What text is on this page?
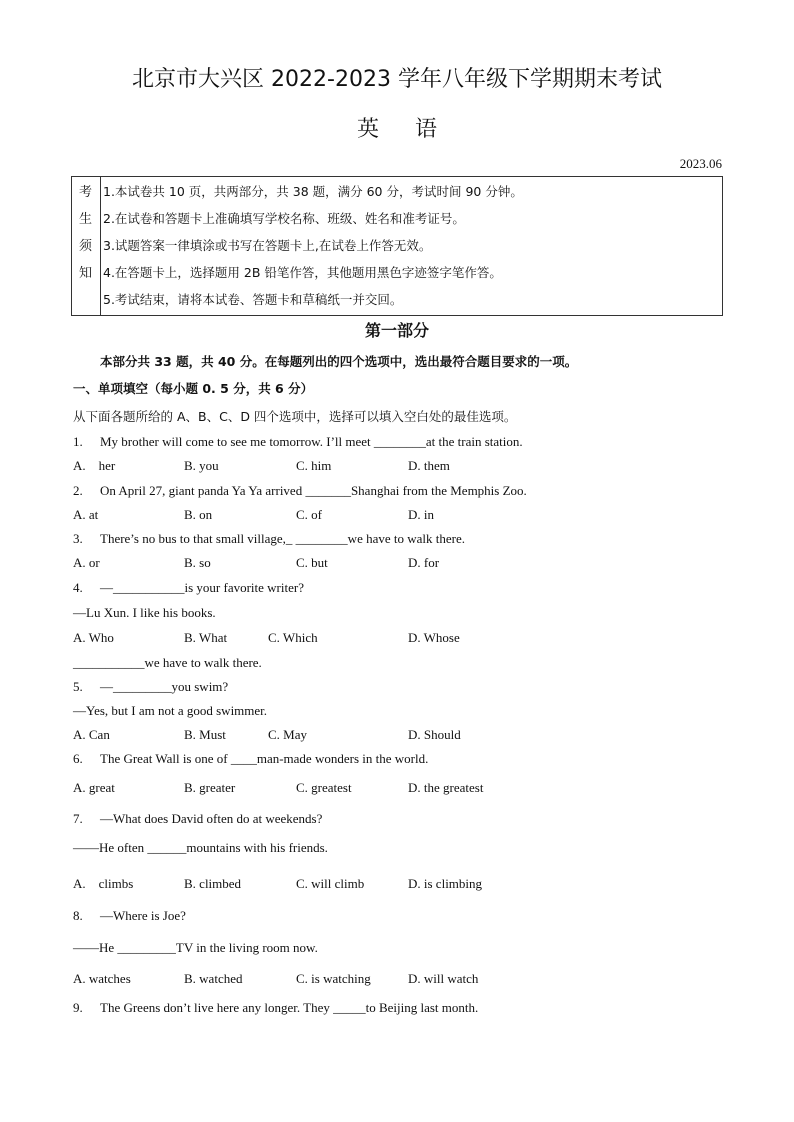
北京市大兴区 2022-2023 学年八年级下学期期末考试
英语
2023.06
考
生
须
知
1.本试卷共 10 页，共两部分，共 38 题，满分 60 分，考试时间 90 分钟。
2.在试卷和答题卡上准确填写学校名称、班级、姓名和准考证号。
3.试题答案一律填涂或书写在答题卡上,在试卷上作答无效。
4.在答题卡上，选择题用 2B 铅笔作答，其他题用黑色字迹签字笔作答。
5.考试结束，请将本试卷、答题卡和草稿纸一并交回。
第一部分
本部分共 33 题，共 40 分。在每题列出的四个选项中，选出最符合题目要求的一项。
一、单项填空（每小题 0. 5 分，共 6 分）
从下面各题所给的 A、B、C、D 四个选项中，选择可以填入空白处的最佳选项。
1. My brother will come to see me tomorrow. I’ll meet ________at the train station.
A.    her	B. you	C. him	D. them
2. On April 27, giant panda Ya Ya arrived _______Shanghai from the Memphis Zoo.
A. at	B. on	C. of	D. in
3. There’s no bus to that small village,_ ________we have to walk there.
A. or	B. so	C. but	D. for
4. —___________is your favorite writer?
—Lu Xun. I like his books.
A. Who	B. What	C. Which	D. Whose
___________we have to walk there.
5. —_________you swim?
—Yes, but I am not a good swimmer.
A. Can	B. Must	C. May	D. Should
6. The Great Wall is one of ____man-made wonders in the world.
A. great	B. greater	C. greatest	D. the greatest
7. —What does David often do at weekends?
——He often ______mountains with his friends.
A.    climbs	B. climbed	C. will climb	D. is climbing
8. —Where is Joe?
——He _________TV in the living room now.
A. watches	B. watched	C. is watching	D. will watch
9. The Greens don’t live here any longer. They _____to Beijing last month.
